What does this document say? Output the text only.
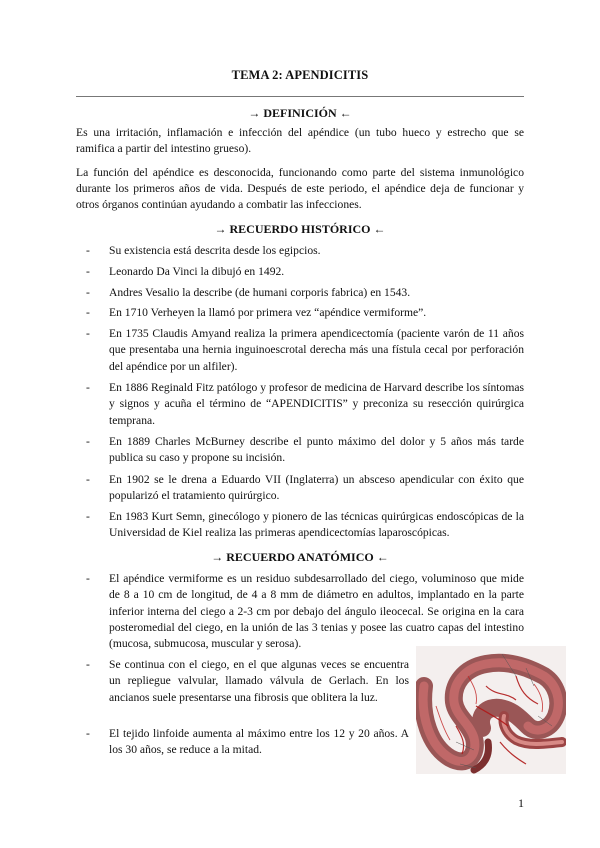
TEMA 2: APENDICITIS
→ DEFINICIÓN ←

Es una irritación, inflamación e infección del apéndice (un tubo hueco y estrecho que se ramifica a partir del intestino grueso).

La función del apéndice es desconocida, funcionando como parte del sistema inmunológico durante los primeros años de vida. Después de este periodo, el apéndice deja de funcionar y otros órganos continúan ayudando a combatir las infecciones.

→ RECUERDO HISTÓRICO ←
- Su existencia está descrita desde los egipcios.
- Leonardo Da Vinci la dibujó en 1492.
- Andres Vesalio la describe (de humani corporis fabrica) en 1543.
- En 1710 Verheyen la llamó por primera vez “apéndice vermiforme”.
- En 1735 Claudis Amyand realiza la primera apendicectomía (paciente varón de 11 años que presentaba una hernia inguinoescrotal derecha más una fístula cecal por perforación del apéndice por un alfiler).
- En 1886 Reginald Fitz patólogo y profesor de medicina de Harvard describe los síntomas y signos y acuña el término de “APENDICITIS” y preconiza su resección quirúrgica temprana.
- En 1889 Charles McBurney describe el punto máximo del dolor y 5 años más tarde publica su caso y propone su incisión.
- En 1902 se le drena a Eduardo VII (Inglaterra) un absceso apendicular con éxito que popularizó el tratamiento quirúrgico.
- En 1983 Kurt Semn, ginecólogo y pionero de las técnicas quirúrgicas endoscópicas de la Universidad de Kiel realiza las primeras apendicectomías laparoscópicas.
→ RECUERDO ANATÓMICO ←
- El apéndice vermiforme es un residuo subdesarrollado del ciego, voluminoso que mide de 8 a 10 cm de longitud, de 4 a 8 mm de diámetro en adultos, implantado en la parte inferior interna del ciego a 2-3 cm por debajo del ángulo ileocecal. Se origina en la cara posteromedial del ciego, en la unión de las 3 tenias y posee las cuatro capas del intestino (mucosa, submucosa, muscular y serosa).
- Se continua con el ciego, en el que algunas veces se encuentra un repliegue valvular, llamado válvula de Gerlach. En los ancianos suele presentarse una fibrosis que oblitera la luz.
- El tejido linfoide aumenta al máximo entre los 12 y 20 años. A los 30 años, se reduce a la mitad.
1
